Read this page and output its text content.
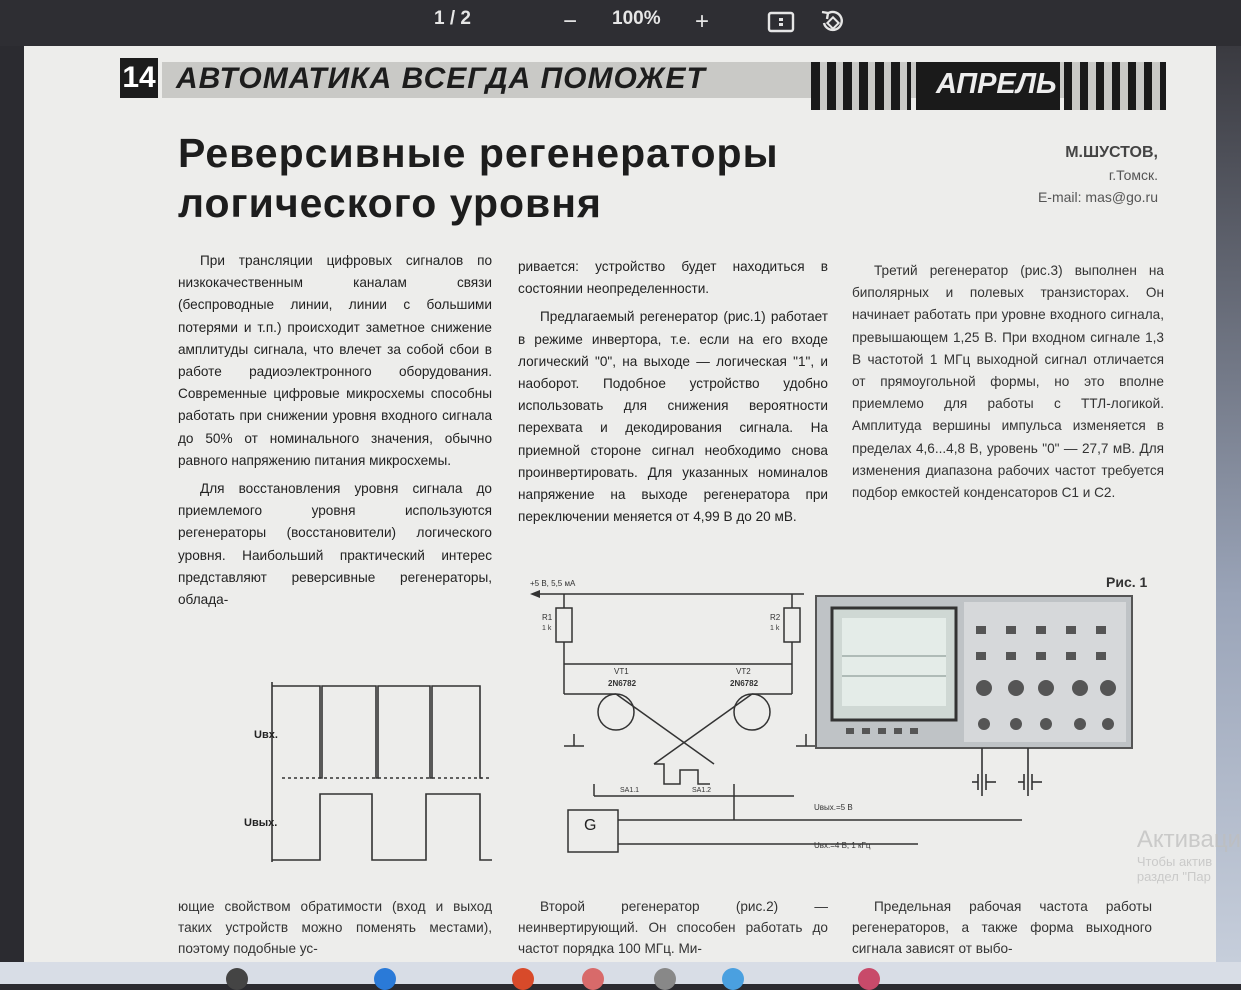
1 / 2	− 100% +
14 АВТОМАТИКА ВСЕГДА ПОМОЖЕТ	АПРЕЛЬ
Реверсивные регенераторы
логического уровня
М.ШУСТОВ,
г.Томск.
E-mail: mas@go.ru

При трансляции цифровых сигналов по низкокачественным каналам связи (беспроводные линии, линии с большими потерями и т.п.) происходит заметное снижение амплитуды сигнала, что влечет за собой сбои в работе радиоэлектронного оборудования. Современные цифровые микросхемы способны работать при снижении уровня входного сигнала до 50% от номинального значения, обычно равного напряжению питания микросхемы.

Для восстановления уровня сигнала до приемлемого уровня используются регенераторы (восстановители) логического уровня. Наибольший практический интерес представляют реверсивные регенераторы, облада-

ривается: устройство будет находиться в состоянии неопределенности.

Предлагаемый регенератор (рис.1) работает в режиме инвертора, т.е. если на его входе логический "0", на выходе — логическая "1", и наоборот. Подобное устройство удобно использовать для снижения вероятности перехвата и декодирования сигнала. На приемной стороне сигнал необходимо снова проинвертировать. Для указанных номиналов напряжение на выходе регенератора при переключении меняется от 4,99 В до 20 мВ.

Третий регенератор (рис.3) выполнен на биполярных и полевых транзисторах. Он начинает работать при уровне входного сигнала, превышающем 1,25 В. При входном сигнале 1,3 В частотой 1 МГц выходной сигнал отличается от прямоугольной формы, но это вполне приемлемо для работы с ТТЛ-логикой. Амплитуда вершины импульса изменяется в пределах 4,6...4,8 В, уровень "0" — 27,7 мВ. Для изменения диапазона рабочих частот требуется подбор емкостей конденсаторов С1 и С2.

Рис. 1
Uвх.
Uвых.
+5 В, 5,5 мА
R1
1 k
R2
1 k
VT1
2N6782
VT2
2N6782
SA1.1	SA1.2
G
Uвых.=5 В
Uвх.=4 В, 1 кГц

ющие свойством обратимости (вход и выход таких устройств можно поменять местами), поэтому подобные ус-

Второй регенератор (рис.2) — неинвертирующий. Он способен работать до частот порядка 100 МГц. Ми-

Предельная рабочая частота работы регенераторов, а также форма выходного сигнала зависят от выбо-

Активаци
Чтобы актив
раздел "Пар
